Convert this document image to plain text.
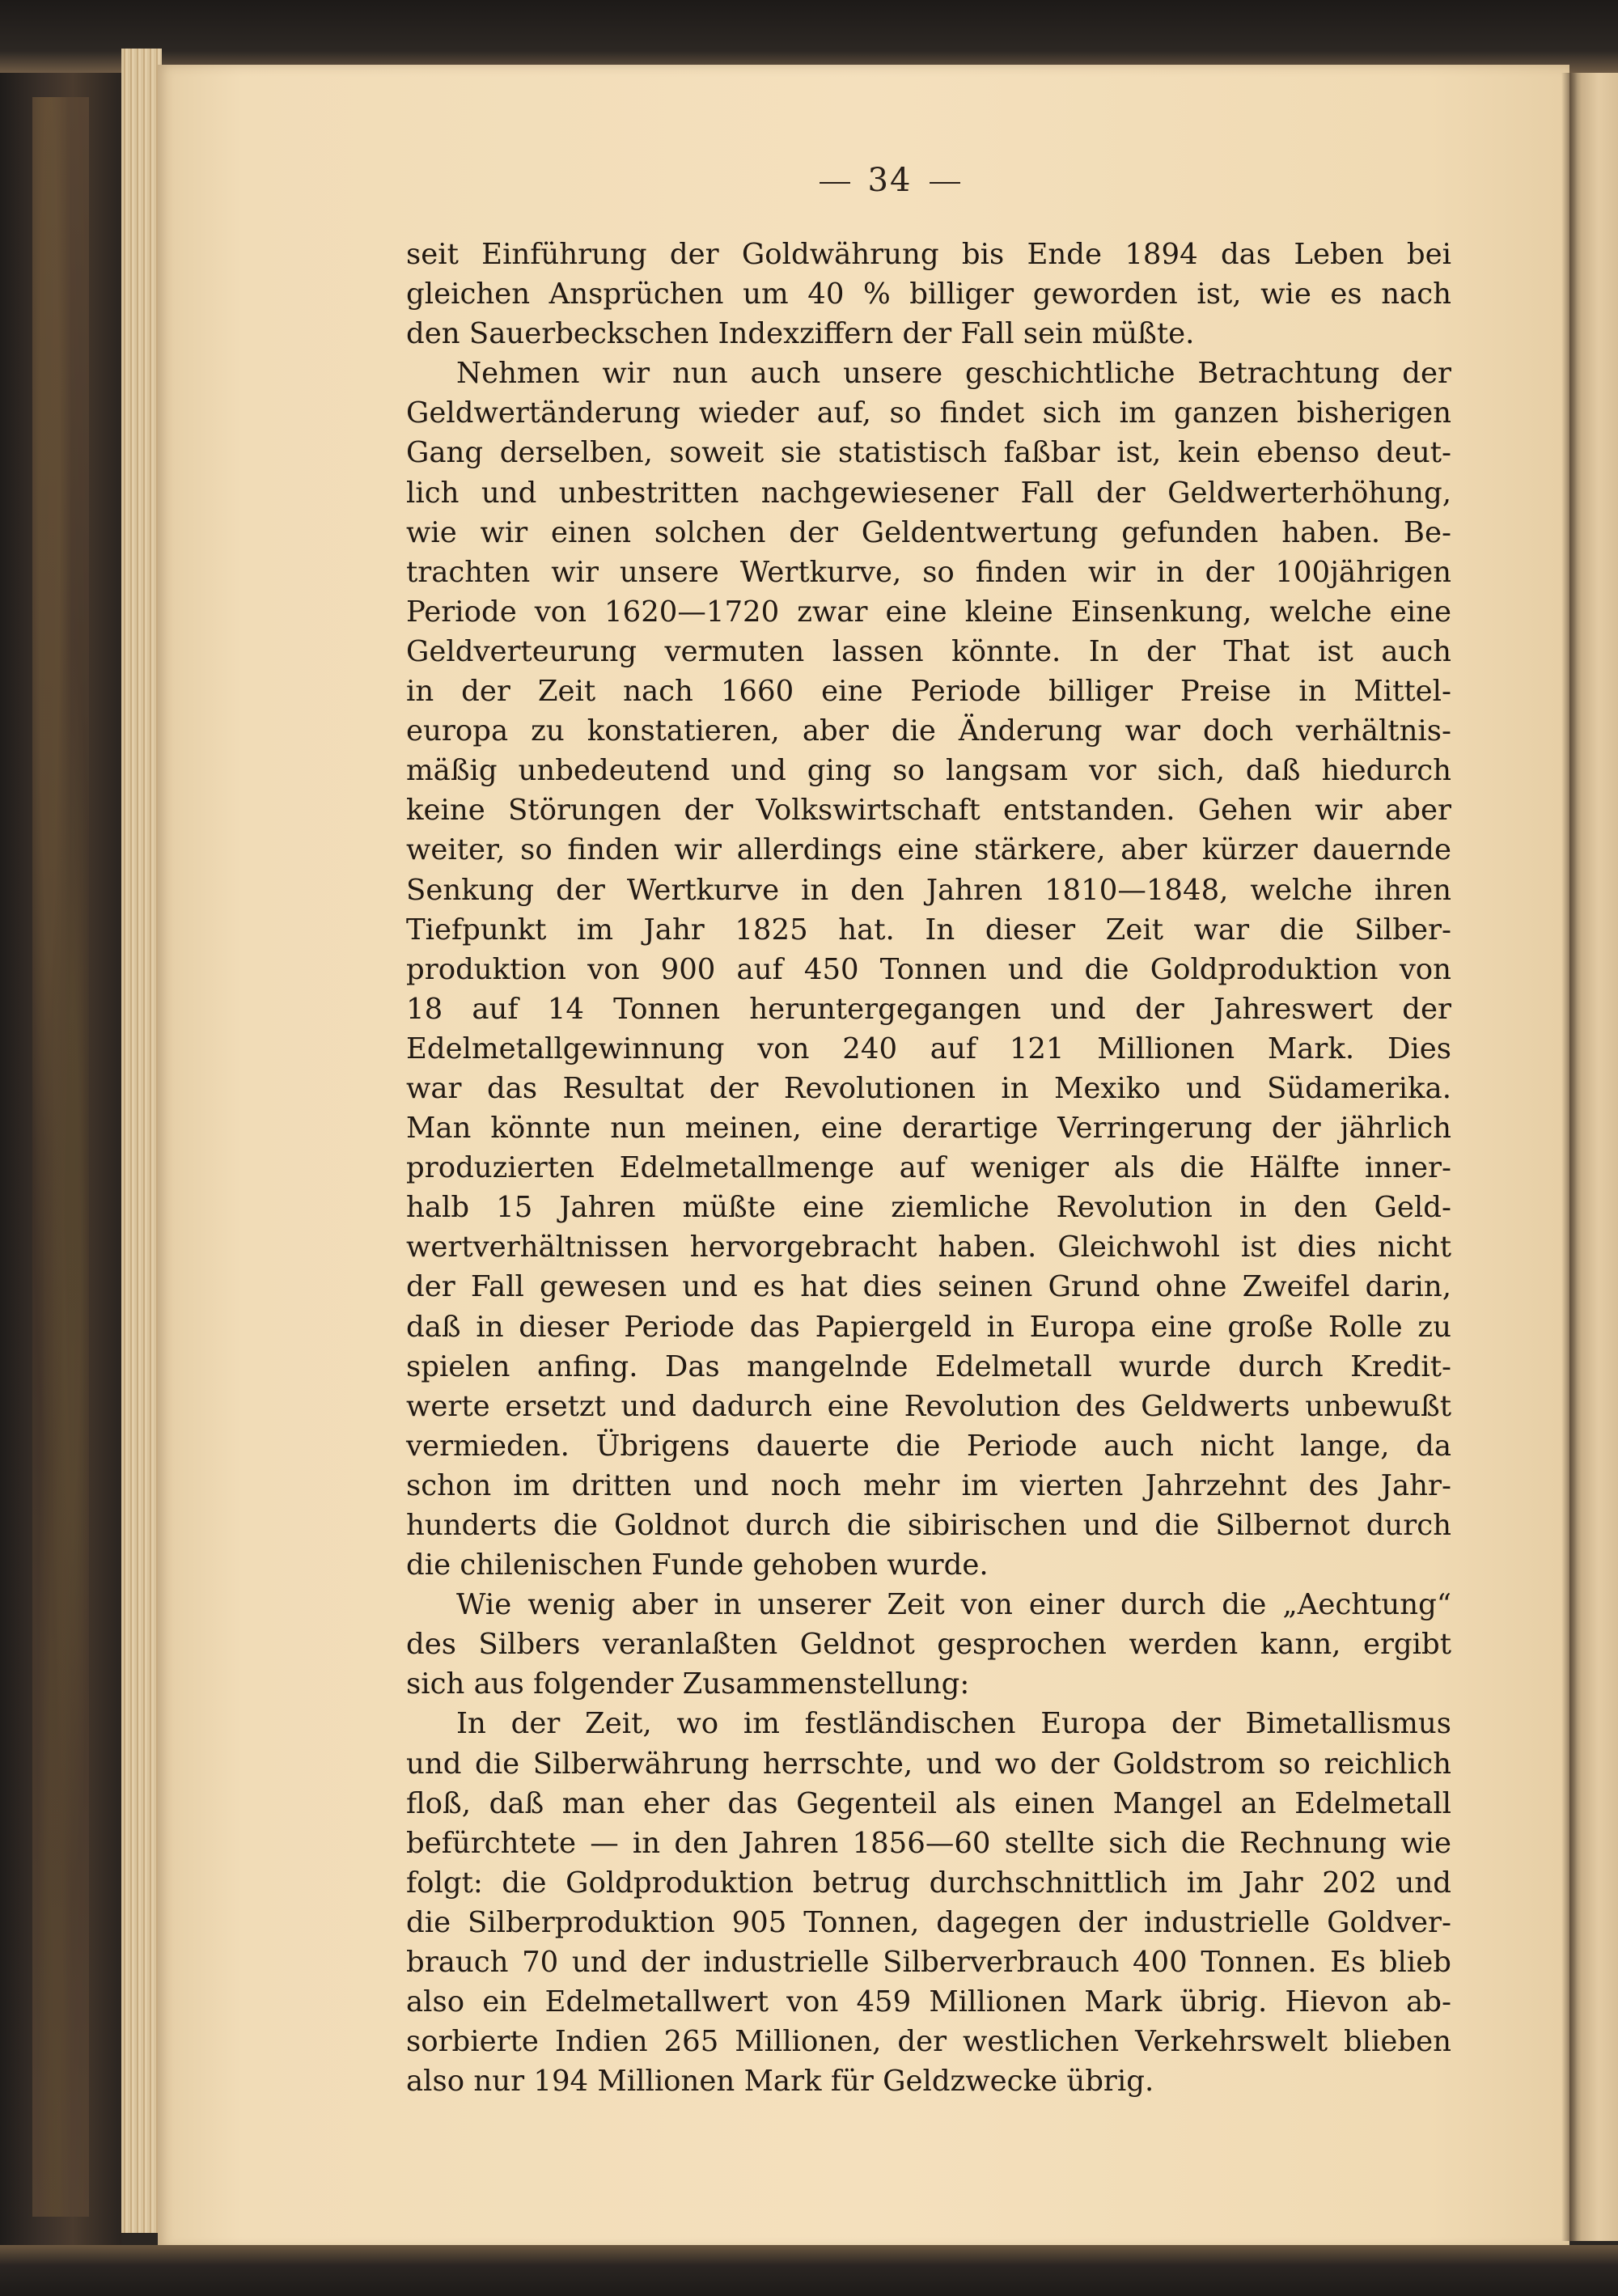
34
seit Einführung der Goldwährung bis Ende 1894 das Leben bei
gleichen Ansprüchen um 40 % billiger geworden ist, wie es nach
den Sauerbeckschen Indexziffern der Fall sein müßte.
Nehmen wir nun auch unsere geschichtliche Betrachtung der
Geldwertänderung wieder auf, so findet sich im ganzen bisherigen
Gang derselben, soweit sie statistisch faßbar ist, kein ebenso deut-
lich und unbestritten nachgewiesener Fall der Geldwerterhöhung,
wie wir einen solchen der Geldentwertung gefunden haben. Be-
trachten wir unsere Wertkurve, so finden wir in der 100jährigen
Periode von 1620—1720 zwar eine kleine Einsenkung, welche eine
Geldverteurung vermuten lassen könnte. In der That ist auch
in der Zeit nach 1660 eine Periode billiger Preise in Mittel-
europa zu konstatieren, aber die Änderung war doch verhältnis-
mäßig unbedeutend und ging so langsam vor sich, daß hiedurch
keine Störungen der Volkswirtschaft entstanden. Gehen wir aber
weiter, so finden wir allerdings eine stärkere, aber kürzer dauernde
Senkung der Wertkurve in den Jahren 1810—1848, welche ihren
Tiefpunkt im Jahr 1825 hat. In dieser Zeit war die Silber-
produktion von 900 auf 450 Tonnen und die Goldproduktion von
18 auf 14 Tonnen heruntergegangen und der Jahreswert der
Edelmetallgewinnung von 240 auf 121 Millionen Mark. Dies
war das Resultat der Revolutionen in Mexiko und Südamerika.
Man könnte nun meinen, eine derartige Verringerung der jährlich
produzierten Edelmetallmenge auf weniger als die Hälfte inner-
halb 15 Jahren müßte eine ziemliche Revolution in den Geld-
wertverhältnissen hervorgebracht haben. Gleichwohl ist dies nicht
der Fall gewesen und es hat dies seinen Grund ohne Zweifel darin,
daß in dieser Periode das Papiergeld in Europa eine große Rolle zu
spielen anfing. Das mangelnde Edelmetall wurde durch Kredit-
werte ersetzt und dadurch eine Revolution des Geldwerts unbewußt
vermieden. Übrigens dauerte die Periode auch nicht lange, da
schon im dritten und noch mehr im vierten Jahrzehnt des Jahr-
hunderts die Goldnot durch die sibirischen und die Silbernot durch
die chilenischen Funde gehoben wurde.
Wie wenig aber in unserer Zeit von einer durch die „Aechtung“
des Silbers veranlaßten Geldnot gesprochen werden kann, ergibt
sich aus folgender Zusammenstellung:
In der Zeit, wo im festländischen Europa der Bimetallismus
und die Silberwährung herrschte, und wo der Goldstrom so reichlich
floß, daß man eher das Gegenteil als einen Mangel an Edelmetall
befürchtete — in den Jahren 1856—60 stellte sich die Rechnung wie
folgt: die Goldproduktion betrug durchschnittlich im Jahr 202 und
die Silberproduktion 905 Tonnen, dagegen der industrielle Goldver-
brauch 70 und der industrielle Silberverbrauch 400 Tonnen. Es blieb
also ein Edelmetallwert von 459 Millionen Mark übrig. Hievon ab-
sorbierte Indien 265 Millionen, der westlichen Verkehrswelt blieben
also nur 194 Millionen Mark für Geldzwecke übrig.
